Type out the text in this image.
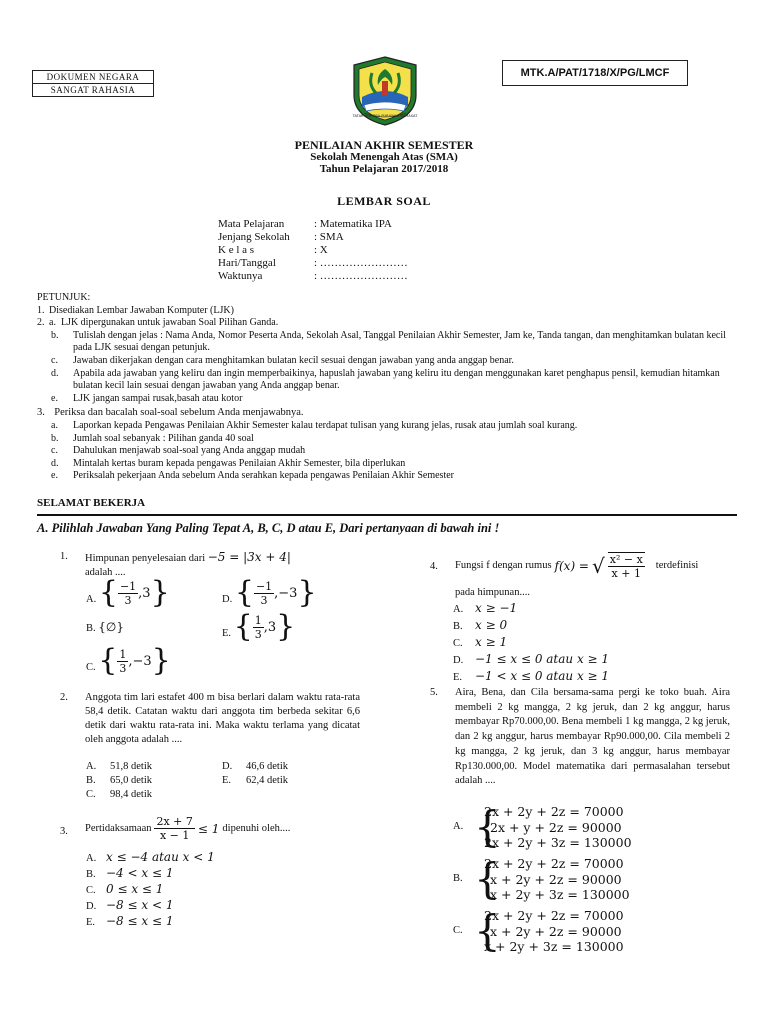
DOKUMEN NEGARA
SANGAT RAHASIA
TATAR NGURBA PURIYAKA MAHASAT
MTK.A/PAT/1718/X/PG/LMCF
PENILAIAN AKHIR SEMESTER
Sekolah Menengah Atas (SMA)
Tahun Pelajaran 2017/2018
LEMBAR SOAL
Mata Pelajaran	: Matematika IPA
Jenjang Sekolah	: SMA
K e l a s	: X
Hari/Tanggal	: ……………………
Waktunya	: ……………………
PETUNJUK:
1. Disediakan Lembar Jawaban Komputer (LJK)
2. a.  LJK dipergunakan untuk jawaban Soal Pilihan Ganda.
b. Tulislah dengan jelas : Nama Anda, Nomor Peserta Anda, Sekolah Asal, Tanggal Penilaian Akhir Semester, Jam ke, Tanda tangan, dan menghitamkan bulatan kecil pada LJK sesuai dengan petunjuk.
c. Jawaban dikerjakan dengan cara menghitamkan bulatan kecil sesuai dengan jawaban yang anda anggap benar.
d. Apabila ada jawaban yang keliru dan ingin memperbaikinya, hapuslah jawaban yang keliru itu dengan menggunakan karet penghapus pensil, kemudian hitamkan bulatan kecil lain sesuai dengan jawaban yang Anda anggap benar.
e. LJK jangan sampai rusak,basah atau kotor
3. Periksa dan bacalah soal-soal sebelum Anda menjawabnya.
a. Laporkan kepada Pengawas Penilaian Akhir Semester kalau terdapat tulisan yang kurang jelas, rusak atau jumlah soal kurang.
b. Jumlah soal sebanyak : Pilihan ganda 40 soal
c. Dahulukan menjawab soal-soal yang Anda anggap mudah
d. Mintalah kertas buram kepada pengawas Penilaian Akhir Semester, bila diperlukan
e. Periksalah pekerjaan Anda sebelum Anda serahkan kepada pengawas Penilaian Akhir Semester
SELAMAT BEKERJA
A. Pilihlah Jawaban Yang Paling Tepat A, B, C, D atau E, Dari pertanyaan di bawah ini !
1. Himpunan penyelesaian dari −5 = |3x + 4|
adalah ....
A. { $\frac{-1}{3} ,3$ }	D. { $\frac{-1}{3} ,-3$ }
B. {∅}	E. { $\frac{1}{3} ,3$ }
C. { $\frac{1}{3} ,-3$ }
2. Anggota tim lari estafet 400 m bisa berlari dalam waktu rata-rata 58,4 detik. Catatan waktu dari anggota tim berbeda sekitar 6,6 detik dari waktu rata-rata ini. Maka waktu terlama yang dicatat oleh anggota adalah ....
A. 51,8 detik
B. 65,0 detik
C. 98,4 detik
D. 46,6 detik
E. 62,4 detik
3. Pertidaksamaan $\frac{2x + 7}{x - 1} \le 1$ dipenuhi oleh....
A. x ≤ −4 atau x < 1
B. −4 < x ≤ 1
C. 0 ≤ x ≤ 1
D. −8 ≤ x < 1
E. −8 ≤ x ≤ 1
4. Fungsi f dengan rumus f(x) = √ $\frac{\text{x² − x}}{x + 1}$ terdefinisi
pada himpunan....
A. x ≥ −1
B. x ≥ 0
C. x ≥ 1
D. −1 ≤ x ≤ 0 atau x ≥ 1
E. −1 < x ≤ 0 atau x ≥ 1
5. Aira, Bena, dan Cila bersama-sama pergi ke toko buah. Aira membeli 2 kg mangga, 2 kg jeruk, dan 2 kg anggur, harus membayar Rp70.000,00. Bena membeli 1 kg mangga, 2 kg jeruk, dan 2 kg anggur, harus membayar Rp90.000,00. Cila membeli 2 kg mangga, 2 kg jeruk, dan 3 kg anggur, harus membayar Rp130.000,00. Model matematika dari permasalahan tersebut adalah ....
A. {
2x + 2y + 2z = 70000
2x + y + 2z = 90000
2x + 2y + 3z = 130000
B. {
2x + 2y + 2z = 70000
x + 2y + 2z = 90000
x + 2y + 3z = 130000
C. {
2x + 2y + 2z = 70000
x + 2y + 2z = 90000
x + 2y + 3z = 130000
